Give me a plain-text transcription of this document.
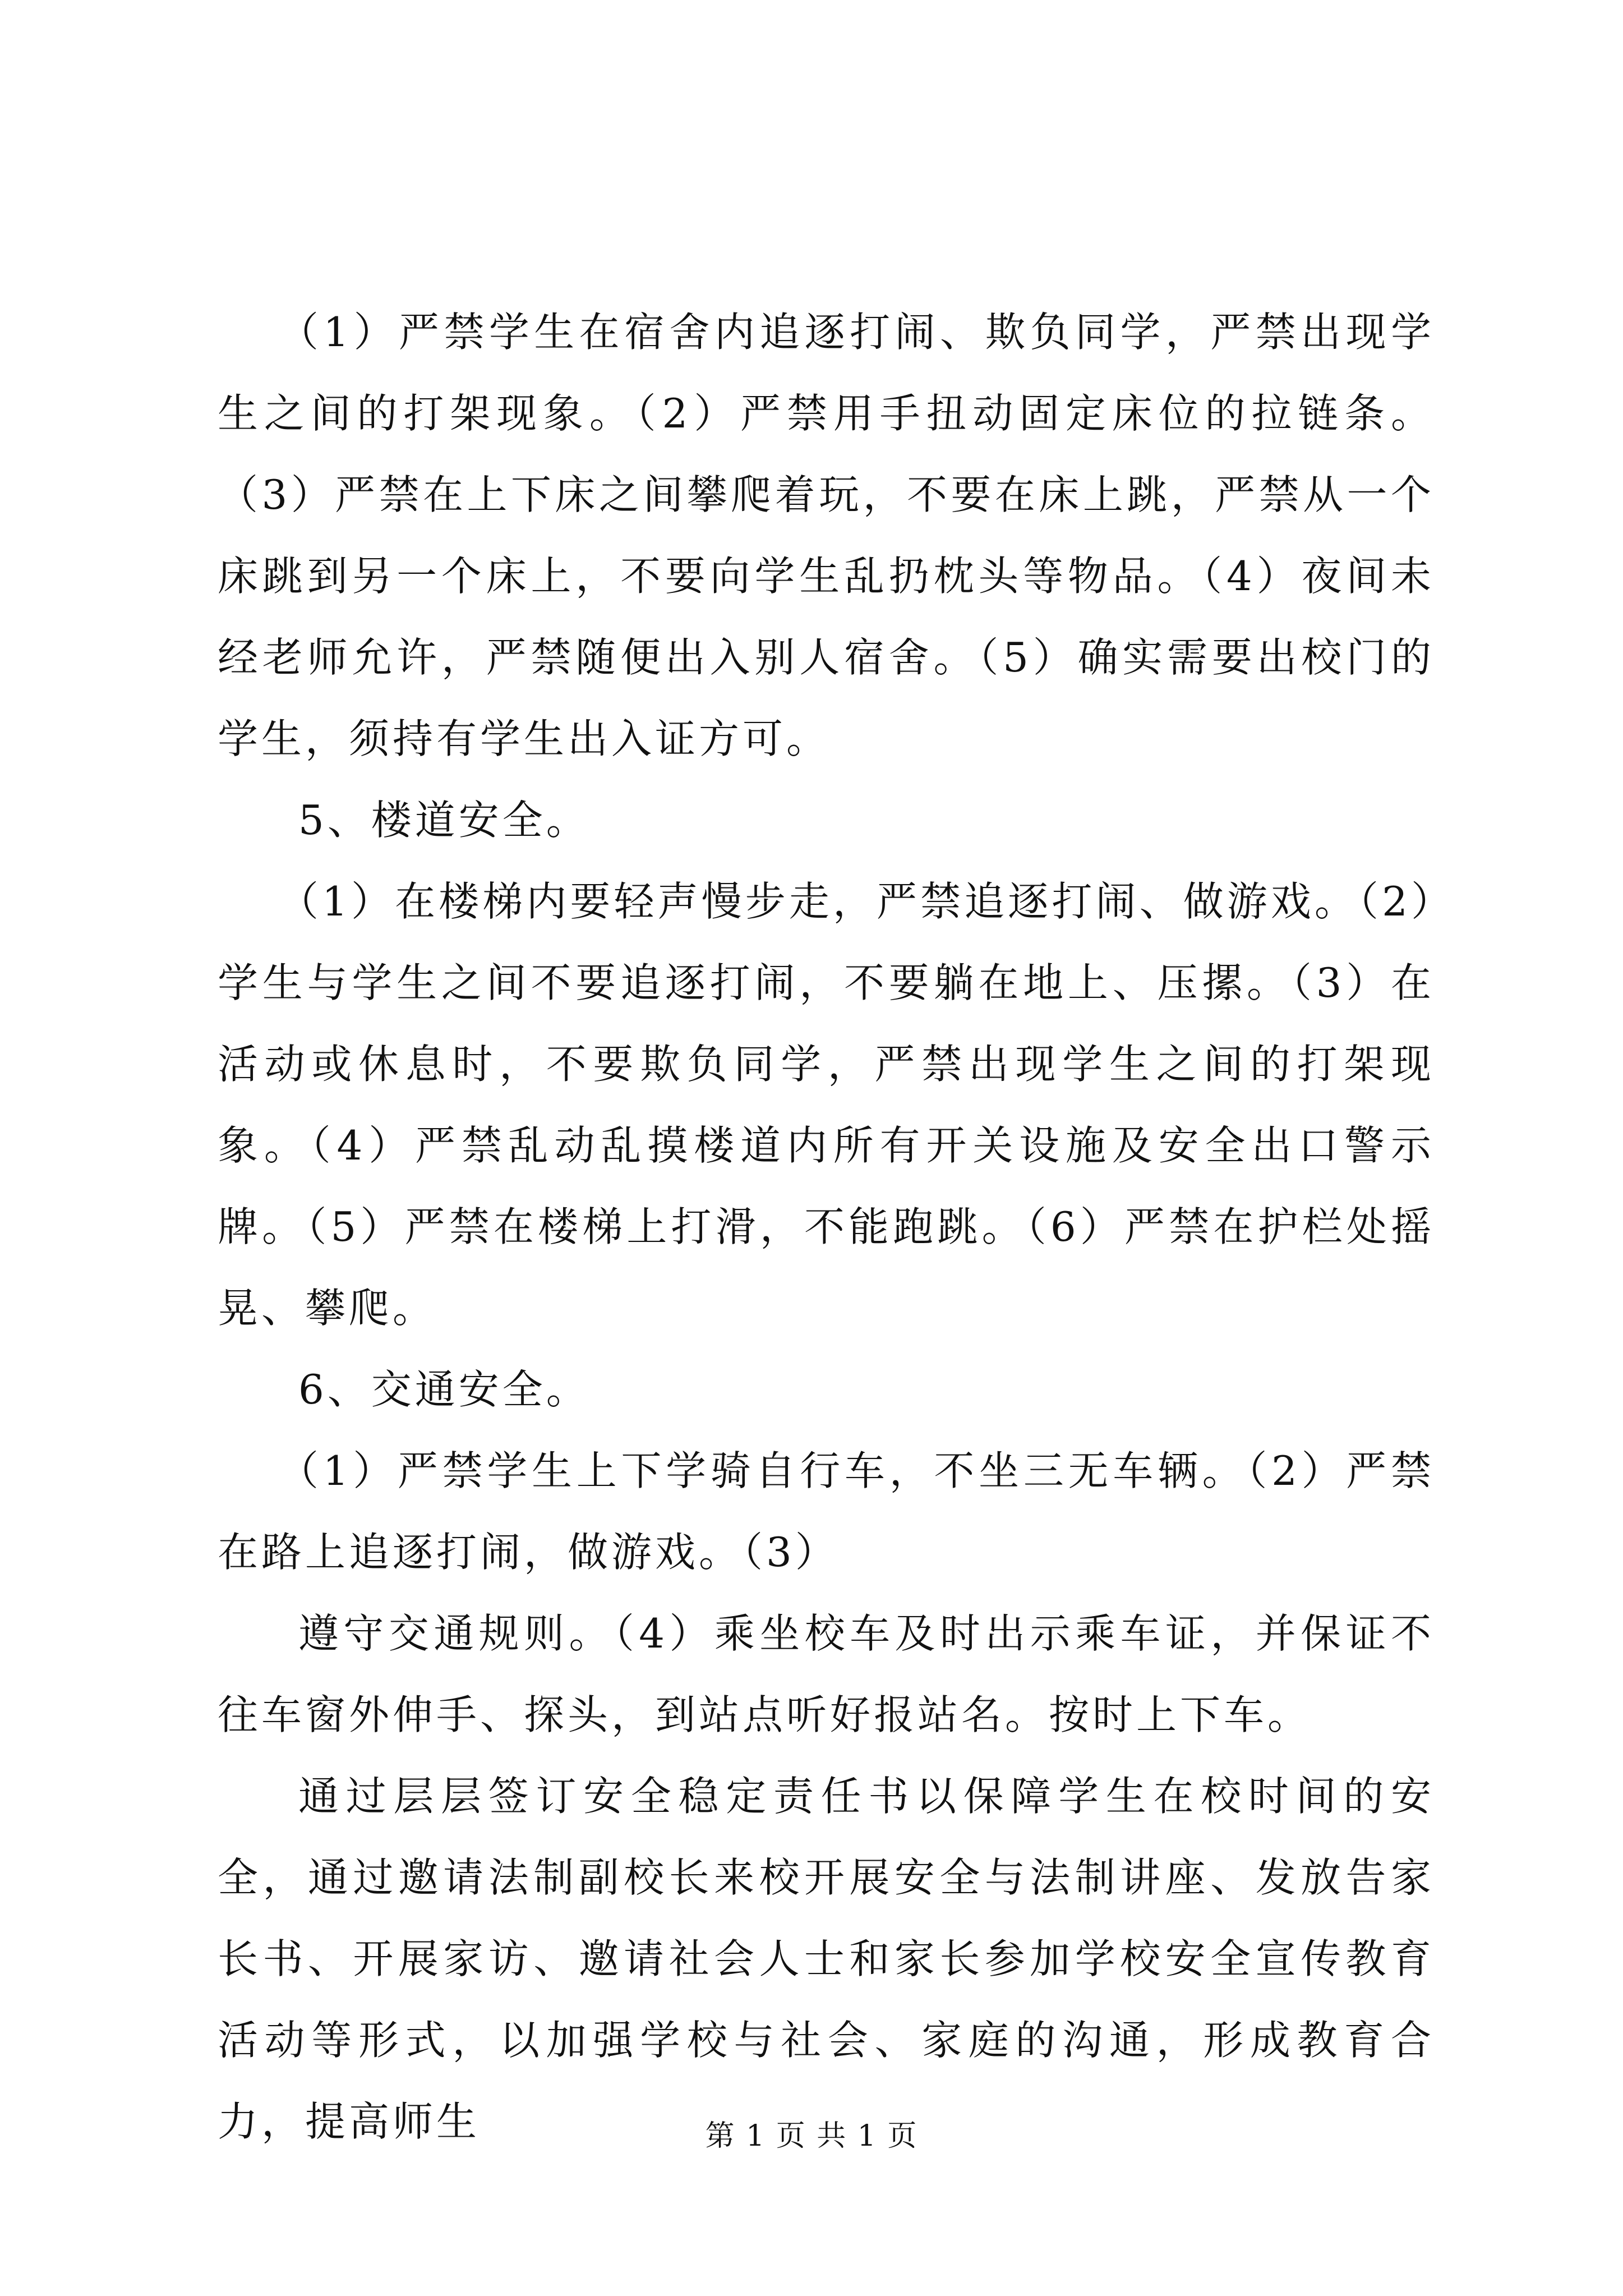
（1）严禁学生在宿舍内追逐打闹、欺负同学，严禁出现学生之间的打架现象。（2）严禁用手扭动固定床位的拉链条。（3）严禁在上下床之间攀爬着玩，不要在床上跳，严禁从一个床跳到另一个床上，不要向学生乱扔枕头等物品。（4）夜间未经老师允许，严禁随便出入别人宿舍。（5）确实需要出校门的学生，须持有学生出入证方可。

5、楼道安全。

（1）在楼梯内要轻声慢步走，严禁追逐打闹、做游戏。（2）学生与学生之间不要追逐打闹，不要躺在地上、压摞。（3）在活动或休息时，不要欺负同学，严禁出现学生之间的打架现象。（4）严禁乱动乱摸楼道内所有开关设施及安全出口警示牌。（5）严禁在楼梯上打滑，不能跑跳。（6）严禁在护栏处摇晃、攀爬。

6、交通安全。

（1）严禁学生上下学骑自行车，不坐三无车辆。（2）严禁在路上追逐打闹，做游戏。（3）

遵守交通规则。（4）乘坐校车及时出示乘车证，并保证不往车窗外伸手、探头，到站点听好报站名。按时上下车。

通过层层签订安全稳定责任书以保障学生在校时间的安全，通过邀请法制副校长来校开展安全与法制讲座、发放告家长书、开展家访、邀请社会人士和家长参加学校安全宣传教育活动等形式，以加强学校与社会、家庭的沟通，形成教育合力，提高师生	第 1 页 共 1 页
